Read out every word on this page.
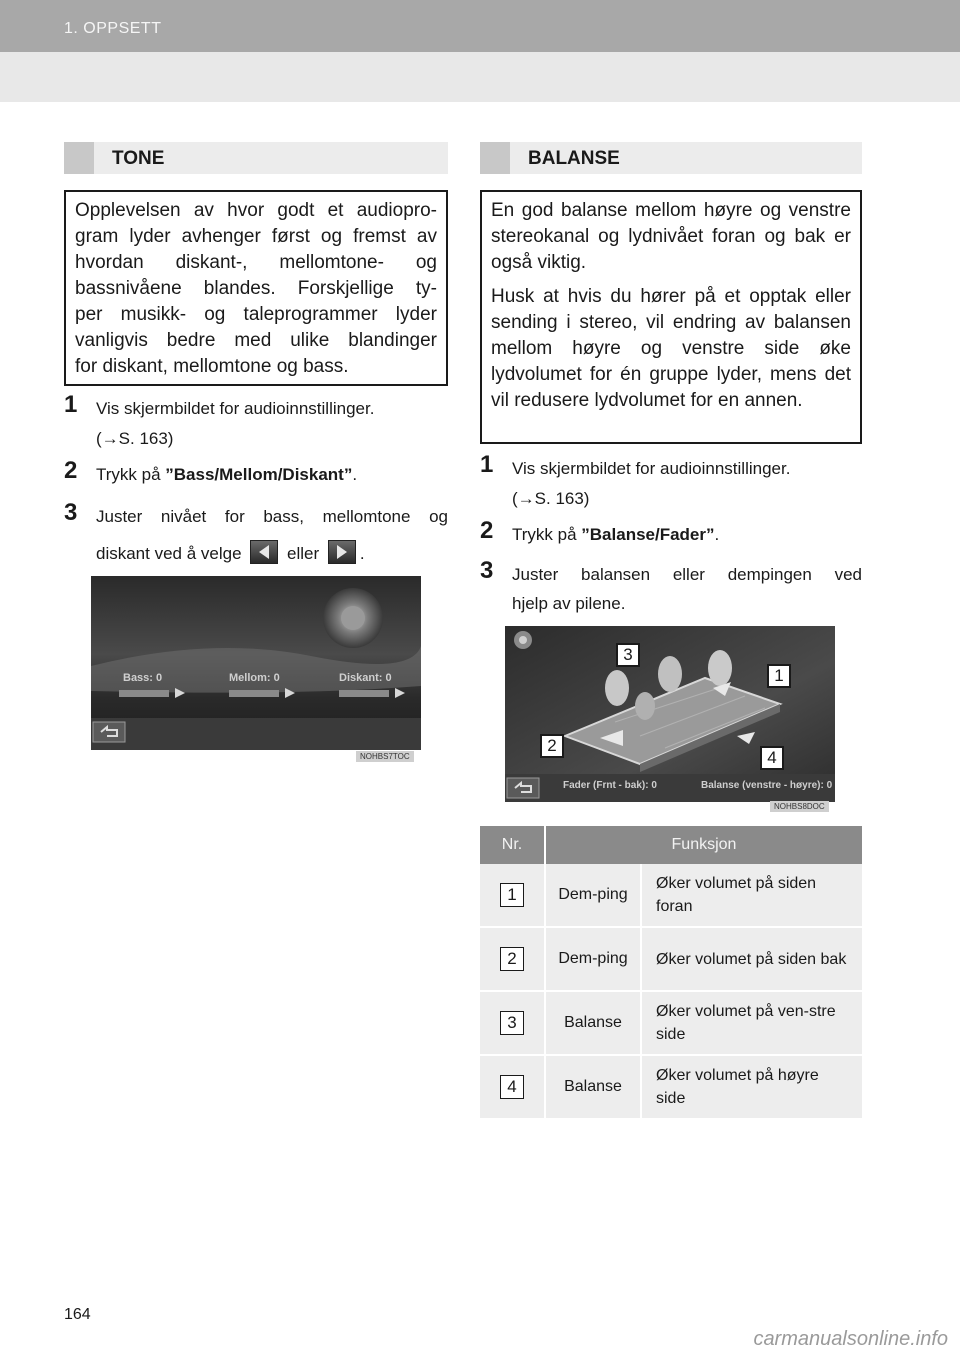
1. OPPSETT
TONE
Opplevelsen av hvor godt et audiopro-
gram lyder avhenger først og fremst av
hvordan diskant-, mellomtone- og
bassnivåene blandes. Forskjellige ty-
per musikk- og taleprogrammer lyder
vanligvis bedre med ulike blandinger
for diskant, mellomtone og bass.
1 Vis skjermbildet for audioinnstillinger.
(→S. 163)
2 Trykk på ”Bass/Mellom/Diskant”.
3 Juster nivået for bass, mellomtone og
diskant ved å velge	eller .
Bass: 0	Mellom: 0	Diskant: 0
NOHBS7TOC
BALANSE

En god balanse mellom høyre og venstre stereokanal og lydnivået foran og bak er også viktig.

Husk at hvis du hører på et opptak eller sending i stereo, vil endring av balansen mellom høyre og venstre side øke lydvolumet for én gruppe lyder, mens det vil redusere lydvolumet for en annen.

1 Vis skjermbildet for audioinnstillinger.
(→S. 163)
2 Trykk på ”Balanse/Fader”.
3 Juster balansen eller dempingen ved
hjelp av pilene.
Fader (Frnt - bak): 0	Balanse (venstre - høyre): 0
NOHBS8DOC
1
2
3
4
Nr.	Funksjon	
1	Dem-ping	Øker volumet på siden foran
2	Dem-ping	Øker volumet på siden bak
3	Balanse	Øker volumet på ven-stre side
4	Balanse	Øker volumet på høyre side
164
carmanualsonline.info
